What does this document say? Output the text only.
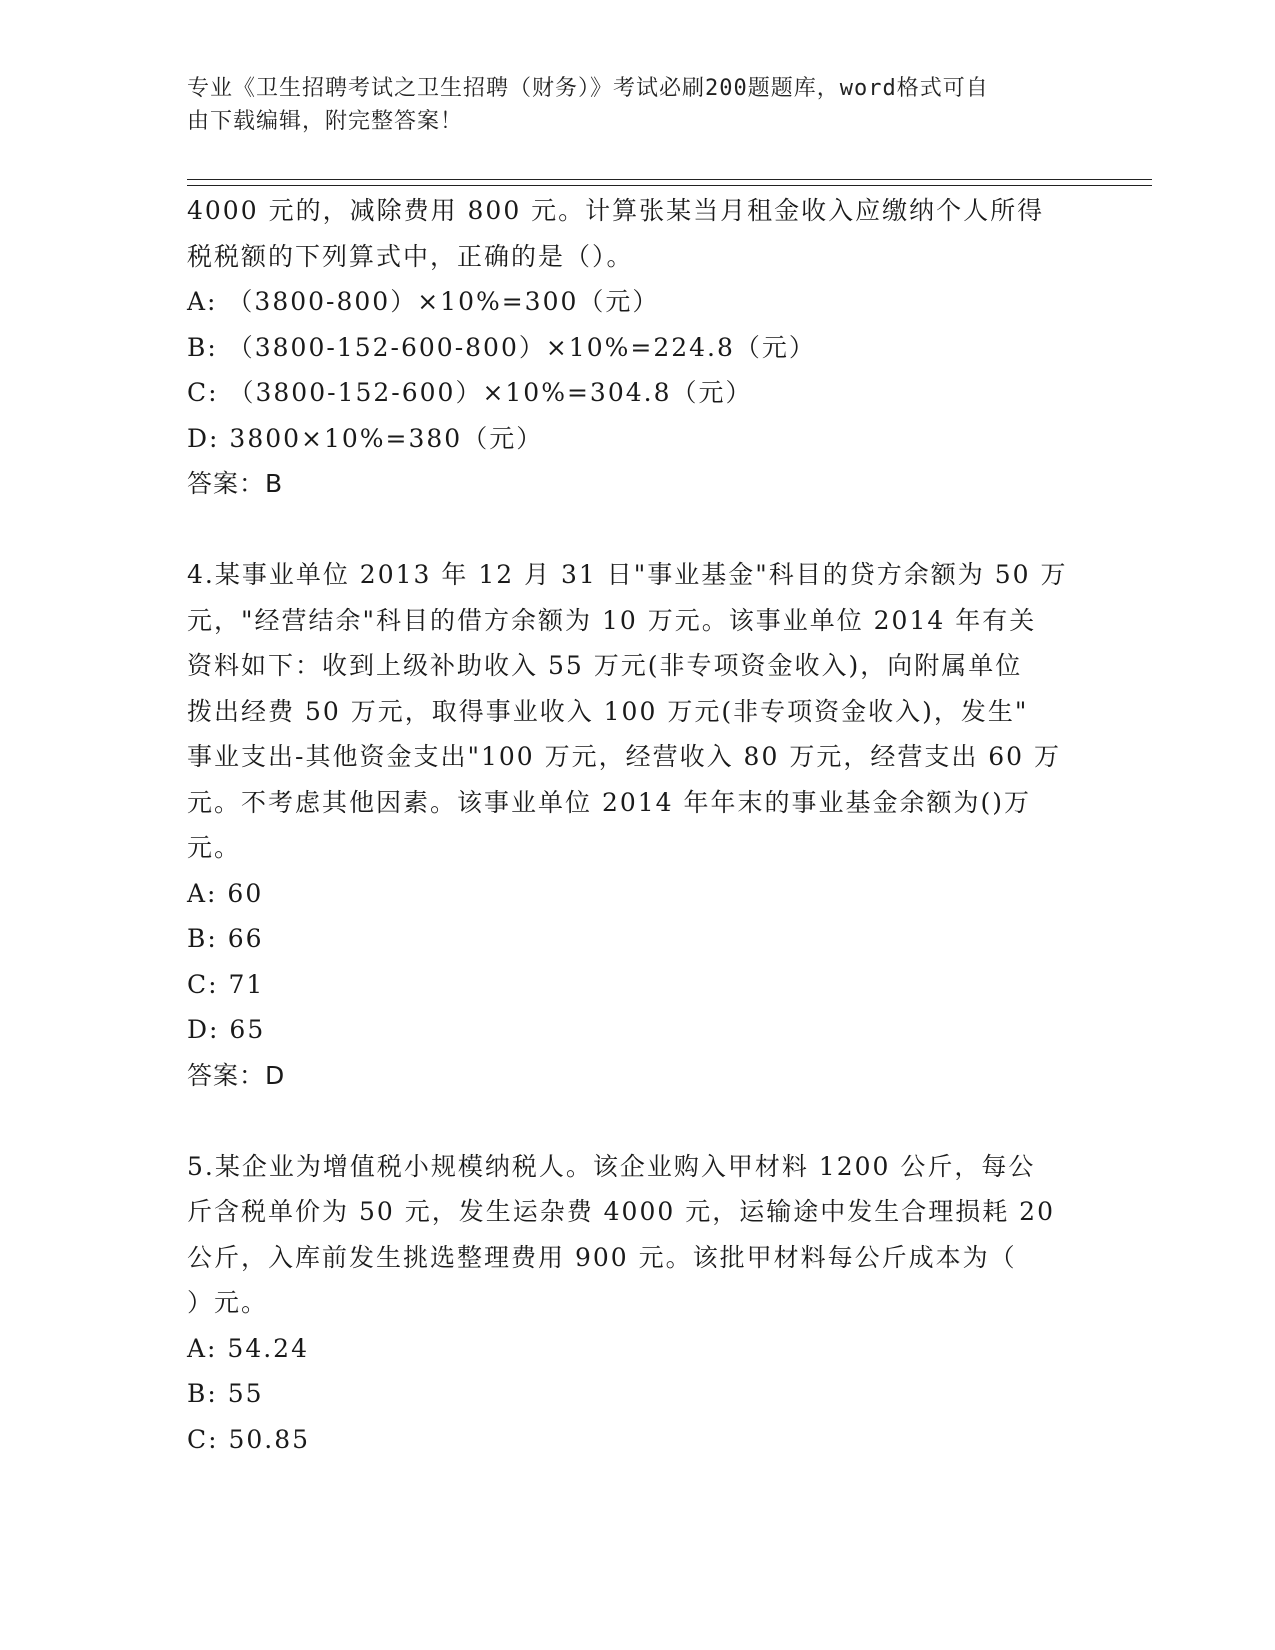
专业《卫生招聘考试之卫生招聘（财务）》考试必刷200题题库，word格式可自
由下载编辑，附完整答案！
4000 元的，减除费用 800 元。计算张某当月租金收入应缴纳个人所得
税税额的下列算式中，正确的是（）。
A: （3800-800）×10%=300（元）
B: （3800-152-600-800）×10%=224.8（元）
C: （3800-152-600）×10%=304.8（元）
D: 3800×10%=380（元）
答案：B
4.某事业单位 2013 年 12 月 31 日"事业基金"科目的贷方余额为 50 万
元，"经营结余"科目的借方余额为 10 万元。该事业单位 2014 年有关
资料如下：收到上级补助收入 55 万元(非专项资金收入)，向附属单位
拨出经费 50 万元，取得事业收入 100 万元(非专项资金收入)，发生"
事业支出-其他资金支出"100 万元，经营收入 80 万元，经营支出 60 万
元。不考虑其他因素。该事业单位 2014 年年末的事业基金余额为()万
元。
A: 60
B: 66
C: 71
D: 65
答案：D
5.某企业为增值税小规模纳税人。该企业购入甲材料 1200 公斤，每公
斤含税单价为 50 元，发生运杂费 4000 元，运输途中发生合理损耗 20
公斤，入库前发生挑选整理费用 900 元。该批甲材料每公斤成本为（
）元。
A: 54.24
B: 55
C: 50.85
